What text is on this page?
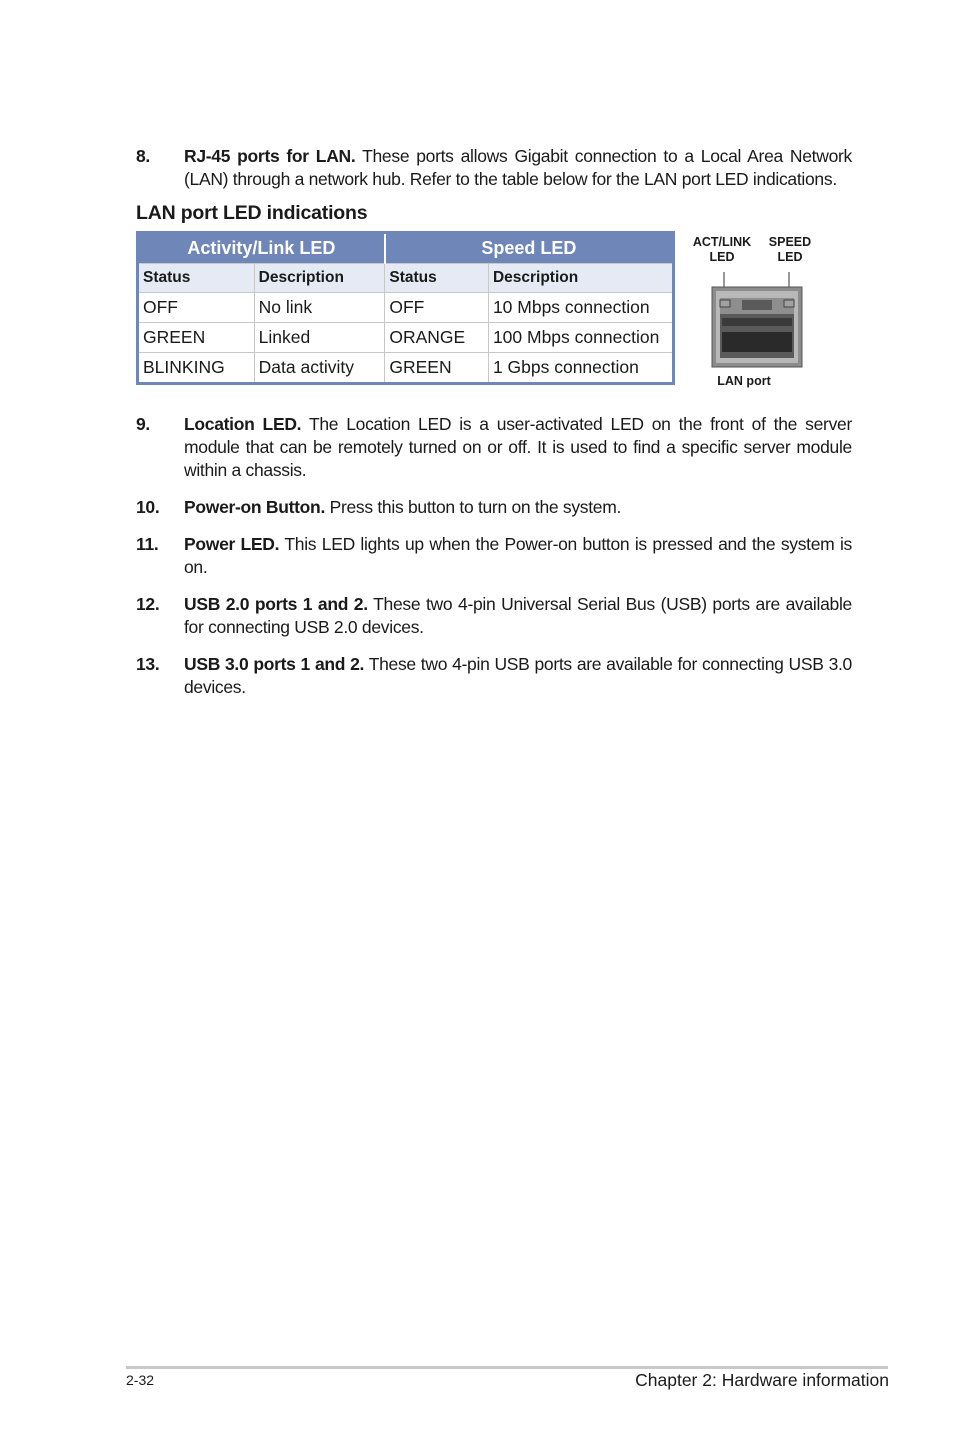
8. RJ-45 ports for LAN. These ports allows Gigabit connection to a Local Area Network (LAN) through a network hub. Refer to the table below for the LAN port LED indications.
LAN port LED indications
Activity/Link LED		Speed LED	
Status	Description	Status	Description
OFF	No link	OFF	10 Mbps connection
GREEN	Linked	ORANGE	100 Mbps connection
BLINKING	Data activity	GREEN	1 Gbps connection
ACT/LINK
LED
SPEED
LED
LAN port
9. Location LED. The Location LED is a user-activated LED on the front of the server module that can be remotely turned on or off. It is used to find a specific server module within a chassis.
10. Power-on Button. Press this button to turn on the system.
11. Power LED. This LED lights up when the Power-on button is pressed and the system is on.
12. USB 2.0 ports 1 and 2. These two 4-pin Universal Serial Bus (USB) ports are available for connecting USB 2.0 devices.
13. USB 3.0 ports 1 and 2. These two 4-pin USB ports are available for connecting USB 3.0 devices.
2-32	Chapter 2: Hardware information
